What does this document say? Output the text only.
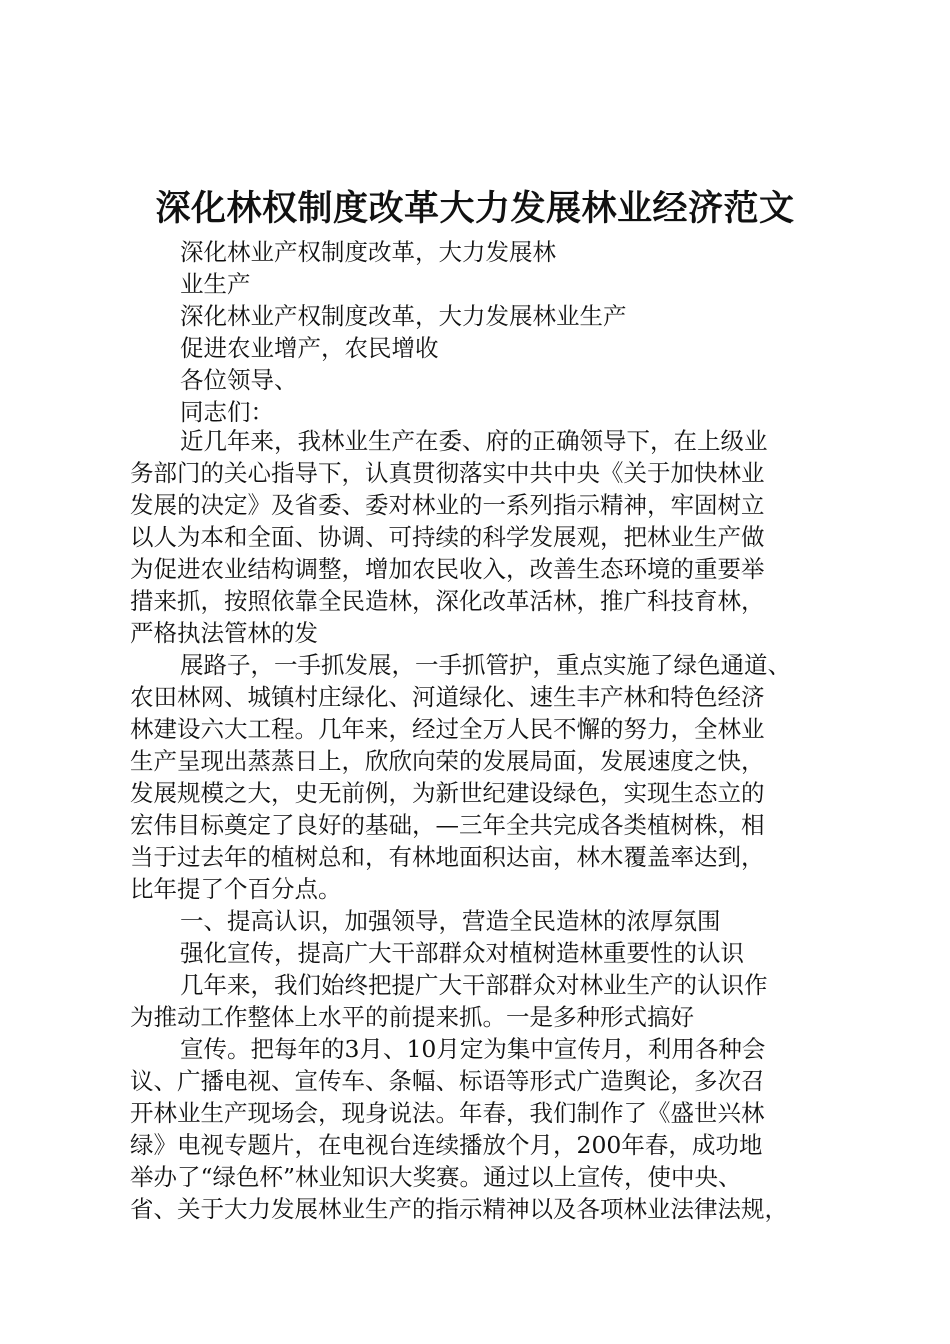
深化林权制度改革大力发展林业经济范文
深化林业产权制度改革，大力发展林
业生产
深化林业产权制度改革，大力发展林业生产
促进农业增产，农民增收
各位领导、
同志们：
近几年来，我林业生产在委、府的正确领导下，在上级业
务部门的关心指导下，认真贯彻落实中共中央《关于加快林业
发展的决定》及省委、委对林业的一系列指示精神，牢固树立
以人为本和全面、协调、可持续的科学发展观，把林业生产做
为促进农业结构调整，增加农民收入，改善生态环境的重要举
措来抓，按照依靠全民造林，深化改革活林，推广科技育林，
严格执法管林的发
展路子，一手抓发展，一手抓管护，重点实施了绿色通道、
农田林网、城镇村庄绿化、河道绿化、速生丰产林和特色经济
林建设六大工程。几年来，经过全万人民不懈的努力，全林业
生产呈现出蒸蒸日上，欣欣向荣的发展局面，发展速度之快，
发展规模之大，史无前例，为新世纪建设绿色，实现生态立的
宏伟目标奠定了良好的基础，—三年全共完成各类植树株，相
当于过去年的植树总和，有林地面积达亩，林木覆盖率达到，
比年提了个百分点。
一、提高认识，加强领导，营造全民造林的浓厚氛围
强化宣传，提高广大干部群众对植树造林重要性的认识
几年来，我们始终把提广大干部群众对林业生产的认识作
为推动工作整体上水平的前提来抓。一是多种形式搞好
宣传。把每年的3月、10月定为集中宣传月，利用各种会
议、广播电视、宣传车、条幅、标语等形式广造舆论，多次召
开林业生产现场会，现身说法。年春，我们制作了《盛世兴林
绿》电视专题片，在电视台连续播放个月，200年春，成功地
举办了“绿色杯”林业知识大奖赛。通过以上宣传，使中央、
省、关于大力发展林业生产的指示精神以及各项林业法律法规，
